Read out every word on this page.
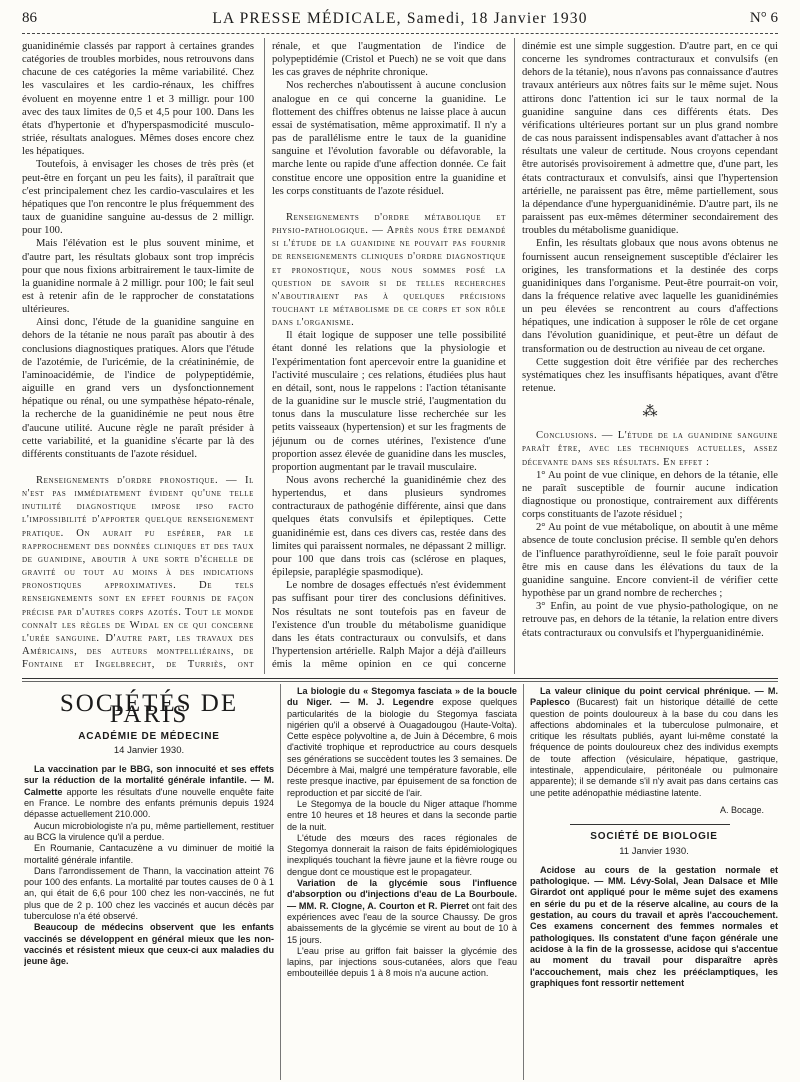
86	LA PRESSE MÉDICALE, Samedi, 18 Janvier 1930	N° 6

guanidinémie classés par rapport à certaines grandes catégories de troubles morbides, nous retrouvons dans chacune de ces catégories la même variabilité. Chez les vasculaires et les cardio-rénaux, les chiffres évoluent en moyenne entre 1 et 3 milligr. pour 100 avec des taux limites de 0,5 et 4,5 pour 100. Dans les états d'hypertonie et d'hyperspasmodicité musculo-striée, résultats analogues. Mêmes doses encore chez les hépatiques.

Toutefois, à envisager les choses de très près (et peut-être en forçant un peu les faits), il paraîtrait que c'est principalement chez les cardio-vasculaires et les hépatiques que l'on rencontre le plus fréquemment des taux de guanidine sanguine au-dessus de 2 milligr. pour 100.

Mais l'élévation est le plus souvent minime, et d'autre part, les résultats globaux sont trop imprécis pour que nous fixions arbitrairement le taux-limite de la guanidine normale à 2 milligr. pour 100; le fait seul est à retenir afin de le rapprocher de constatations ultérieures.

Ainsi donc, l'étude de la guanidine sanguine en dehors de la tétanie ne nous paraît pas aboutir à des conclusions diagnostiques pratiques. Alors que l'étude de l'azotémie, de l'uricémie, de la créatininémie, de l'aminoacidémie, de l'indice de polypeptidémie, aiguille en grand vers un dysfonctionnement hépatique ou rénal, ou une sympathèse hépato-rénale, la recherche de la guanidinémie ne peut nous être d'aucune utilité. Aucune règle ne paraît présider à cette variabilité, et la guanidine s'écarte par là des différents constituants de l'azote résiduel.

Renseignements d'ordre pronostique. — Il n'est pas immédiatement évident qu'une telle inutilité diagnostique impose ipso facto l'impossibilité d'apporter quelque renseignement pratique. On aurait pu espérer, par le rapprochement des données cliniques et des taux de guanidine, aboutir à une sorte d'échelle de gravité ou tout au moins à des indications pronostiques approximatives. De tels renseignements sont en effet fournis de façon précise par d'autres corps azotés. Tout le monde connaît les règles de Widal en ce qui concerne l'urée sanguine. D'autre part, les travaux des Américains, des auteurs montpelliérains, de Fontaine et Ingelbrecht, de Turriès, ont

rénale, et que l'augmentation de l'indice de polypeptidémie (Cristol et Puech) ne se voit que dans les cas graves de néphrite chronique.

Nos recherches n'aboutissent à aucune conclusion analogue en ce qui concerne la guanidine. Le flottement des chiffres obtenus ne laisse place à aucun essai de systématisation, même approximatif. Il n'y a pas de parallélisme entre le taux de la guanidine sanguine et l'évolution favorable ou défavorable, la marche lente ou rapide d'une affection donnée. Ce fait constitue encore une opposition entre la guanidine et les corps constituants de l'azote résiduel.

Renseignements d'ordre métabolique et physio-pathologique. — Après nous être demandé si l'étude de la guanidine ne pouvait pas fournir de renseignements cliniques d'ordre diagnostique et pronostique, nous nous sommes posé la question de savoir si de telles recherches n'aboutiraient pas à quelques précisions touchant le métabolisme de ce corps et son rôle dans l'organisme.

Il était logique de supposer une telle possibilité étant donné les relations que la physiologie et l'expérimentation font apercevoir entre la guanidine et l'activité musculaire ; ces relations, étudiées plus haut en détail, sont, nous le rappelons : l'action tétanisante de la guanidine sur le muscle strié, l'augmentation du tonus dans la musculature lisse recherchée sur les petits vaisseaux (hypertension) et sur les fragments de jéjunum ou de cornes utérines, l'existence d'une proportion assez élevée de guanidine dans les muscles, proportion augmentant par le travail musculaire.

Nous avons recherché la guanidinémie chez des hypertendus, et dans plusieurs syndromes contracturaux de pathogénie différente, ainsi que dans quelques états convulsifs et épileptiques. Cette guanidinémie est, dans ces divers cas, restée dans des limites qui paraissent normales, ne dépassant 2 milligr. pour 100 que dans trois cas (sclérose en plaques, épilepsie, paraplégie spasmodique).

Le nombre de dosages effectués n'est évidemment pas suffisant pour tirer des conclusions définitives. Nos résultats ne sont toutefois pas en faveur de l'existence d'un trouble du métabolisme guanidique dans les états contracturaux ou convulsifs, et dans l'hypertension artérielle. Ralph Major a déjà d'ailleurs émis la même opinion en ce qui concerne

dinémie est une simple suggestion. D'autre part, en ce qui concerne les syndromes contracturaux et convulsifs (en dehors de la tétanie), nous n'avons pas connaissance d'autres travaux antérieurs aux nôtres faits sur le même sujet. Nous attirons donc l'attention ici sur le taux normal de la guanidine sanguine dans ces différents états. Des vérifications ultérieures portant sur un plus grand nombre de cas nous paraissent indispensables avant d'attacher à nos résultats une valeur de certitude. Nous croyons cependant être autorisés provisoirement à admettre que, d'une part, les états contracturaux et convulsifs, ainsi que l'hypertension artérielle, ne paraissent pas être, même partiellement, sous la dépendance d'une hyperguanidinémie. D'autre part, ils ne paraissent pas eux-mêmes déterminer secondairement des troubles du métabolisme guanidique.

Enfin, les résultats globaux que nous avons obtenus ne fournissent aucun renseignement susceptible d'éclairer les origines, les transformations et la destinée des corps guanidiniques dans l'organisme. Peut-être pourrait-on voir, dans la fréquence relative avec laquelle les guanidinémies un peu élevées se rencontrent au cours d'affections hépatiques, une indication à supposer le rôle de cet organe dans l'évolution guanidinique, et peut-être un défaut de transformation ou de destruction au niveau de cet organe.

Cette suggestion doit être vérifiée par des recherches systématiques chez les insuffisants hépatiques, avant d'être retenue.

⁂

Conclusions. — L'étude de la guanidine sanguine paraît être, avec les techniques actuelles, assez décevante dans ses résultats. En effet :

1° Au point de vue clinique, en dehors de la tétanie, elle ne paraît susceptible de fournir aucune indication diagnostique ou pronostique, contrairement aux différents corps constituants de l'azote résiduel ;

2° Au point de vue métabolique, on aboutit à une même absence de toute conclusion précise. Il semble qu'en dehors de l'influence parathyroïdienne, seul le foie paraît pouvoir être mis en cause dans les élévations du taux de la guanidine sanguine. Encore convient-il de vérifier cette hypothèse par un grand nombre de recherches ;

3° Enfin, au point de vue physio-pathologique, on ne retrouve pas, en dehors de la tétanie, la relation entre divers états contracturaux ou convulsifs et l'hyperguanidinémie.

SOCIÉTÉS DE PARIS
ACADÉMIE DE MÉDECINE
14 Janvier 1930.

La vaccination par le BBG, son innocuité et ses effets sur la réduction de la mortalité générale infantile. — M. Calmette apporte les résultats d'une nouvelle enquête faite en France. Le nombre des enfants prémunis depuis 1924 dépasse actuellement 210.000.

Aucun microbiologiste n'a pu, même partiellement, restituer au BCG la virulence qu'il a perdue.

En Roumanie, Cantacuzène a vu diminuer de moitié la mortalité générale infantile.

Dans l'arrondissement de Thann, la vaccination atteint 76 pour 100 des enfants. La mortalité par toutes causes de 0 à 1 an, qui était de 6,6 pour 100 chez les non-vaccinés, ne fut plus que de 2 p. 100 chez les vaccinés et aucun décès par tuberculose n'a été observé.

Beaucoup de médecins observent que les enfants vaccinés se développent en général mieux que les non-vaccinés et résistent mieux que ceux-ci aux maladies du jeune âge.

La biologie du « Stegomya fasciata » de la boucle du Niger. — M. J. Legendre expose quelques particularités de la biologie du Stegomya fasciata nigérien qu'il a observé à Ouagadougou (Haute-Volta). Cette espèce polyvoltine a, de Juin à Décembre, 6 mois d'activité trophique et reproductrice au cours desquels ses générations se succèdent toutes les 3 semaines. De Décembre à Mai, malgré une température favorable, elle reste presque inactive, par épuisement de sa fonction de reproduction et par siccité de l'air.

Le Stegomya de la boucle du Niger attaque l'homme entre 10 heures et 18 heures et dans la seconde partie de la nuit.

L'étude des mœurs des races régionales de Stegomya donnerait la raison de faits épidémiologiques inexpliqués touchant la fièvre jaune et la fièvre rouge ou dengue dont ce moustique est le propagateur.

Variation de la glycémie sous l'influence d'absorption ou d'injections d'eau de La Bourboule. — MM. R. Clogne, A. Courton et R. Pierret ont fait des expériences avec l'eau de la source Chaussy. De gros abaissements de la glycémie se virent au bout de 10 à 15 jours.

L'eau prise au griffon fait baisser la glycémie des lapins, par injections sous-cutanées, alors que l'eau embouteillée depuis 1 à 8 mois n'a aucune action.

La valeur clinique du point cervical phrénique. — M. Paplesco (Bucarest) fait un historique détaillé de cette question de points douloureux à la base du cou dans les affections abdominales et la tuberculose pulmonaire, et critique les résultats publiés, ayant lui-même constaté la fréquence de points douloureux chez des individus exempts de toute affection (vésiculaire, hépatique, gastrique, intestinale, appendiculaire, péritonéale ou pulmonaire apparente); il se demande s'il n'y avait pas dans certains cas une petite adénopathie médiastine latente.

A. Bocage.
SOCIÉTÉ DE BIOLOGIE
11 Janvier 1930.

Acidose au cours de la gestation normale et pathologique. — MM. Lévy-Solal, Jean Dalsace et Mlle Girardot ont appliqué pour le même sujet des examens en série du pu et de la réserve alcaline, au cours de la gestation, au cours du travail et après l'accouchement. Ces examens concernent des femmes normales et pathologiques. Ils constatent d'une façon générale une acidose à la fin de la grossesse, acidose qui s'accentue au moment du travail pour disparaître après l'accouchement, mais chez les prééclamptiques, les graphiques font ressortir nettement
